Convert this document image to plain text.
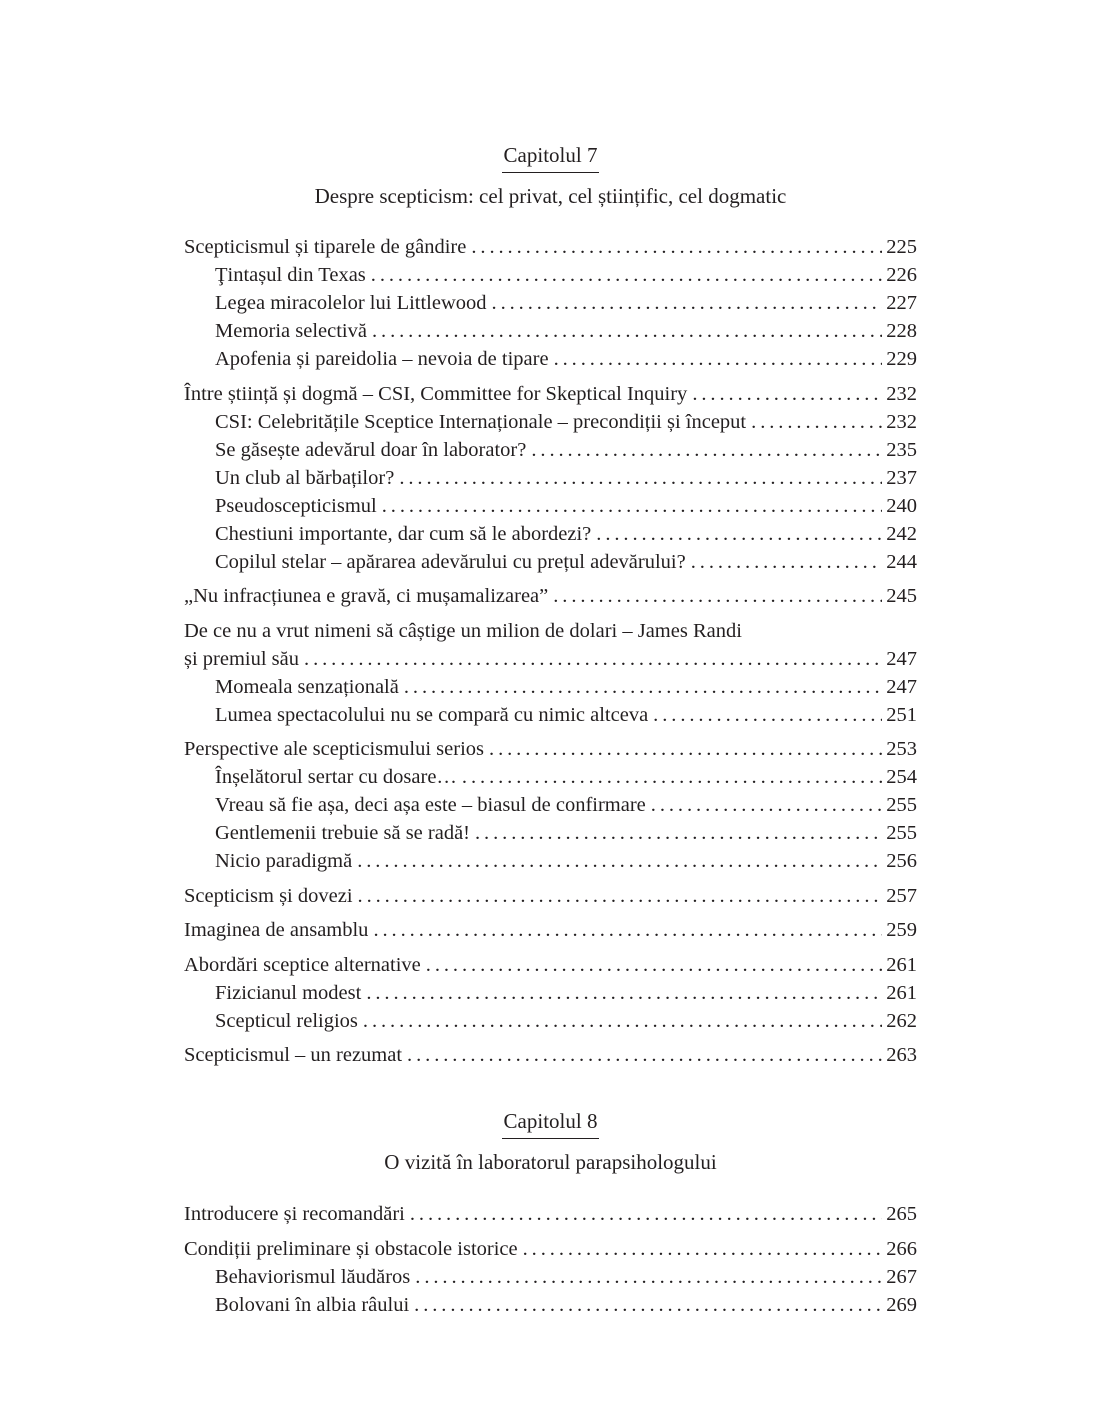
Capitolul 7
Despre scepticism: cel privat, cel științific, cel dogmatic
Scepticismul și tiparele de gândire . . .	225
Ţintașul din Texas . . .	226
Legea miracolelor lui Littlewood . . .	227
Memoria selectivă . . .	228
Apofenia și pareidolia – nevoia de tipare . . .	229
Între știință și dogmă – CSI, Committee for Skeptical Inquiry . . .	232
CSI: Celebritățile Sceptice Internaționale – precondiții și început . . .	232
Se găsește adevărul doar în laborator? . . .	235
Un club al bărbaților? . . .	237
Pseudoscepticismul . . .	240
Chestiuni importante, dar cum să le abordezi? . . .	242
Copilul stelar – apărarea adevărului cu prețul adevărului? . . .	244
„Nu infracțiunea e gravă, ci mușamalizarea” . . .	245
De ce nu a vrut nimeni să câștige un milion de dolari – James Randi
și premiul său . . .	247
Momeala senzațională . . .	247
Lumea spectacolului nu se compară cu nimic altceva . . .	251
Perspective ale scepticismului serios . . .	253
Înșelătorul sertar cu dosare… . . .	254
Vreau să fie așa, deci așa este – biasul de confirmare . . .	255
Gentlemenii trebuie să se radă! . . .	255
Nicio paradigmă . . .	256
Scepticism și dovezi . . .	257
Imaginea de ansamblu . . .	259
Abordări sceptice alternative . . .	261
Fizicianul modest . . .	261
Scepticul religios . . .	262
Scepticismul – un rezumat . . .	263
Capitolul 8
O vizită în laboratorul parapsihologului
Introducere și recomandări . . .	265
Condiții preliminare și obstacole istorice . . .	266
Behaviorismul lăudăros . . .	267
Bolovani în albia râului . . .	269
